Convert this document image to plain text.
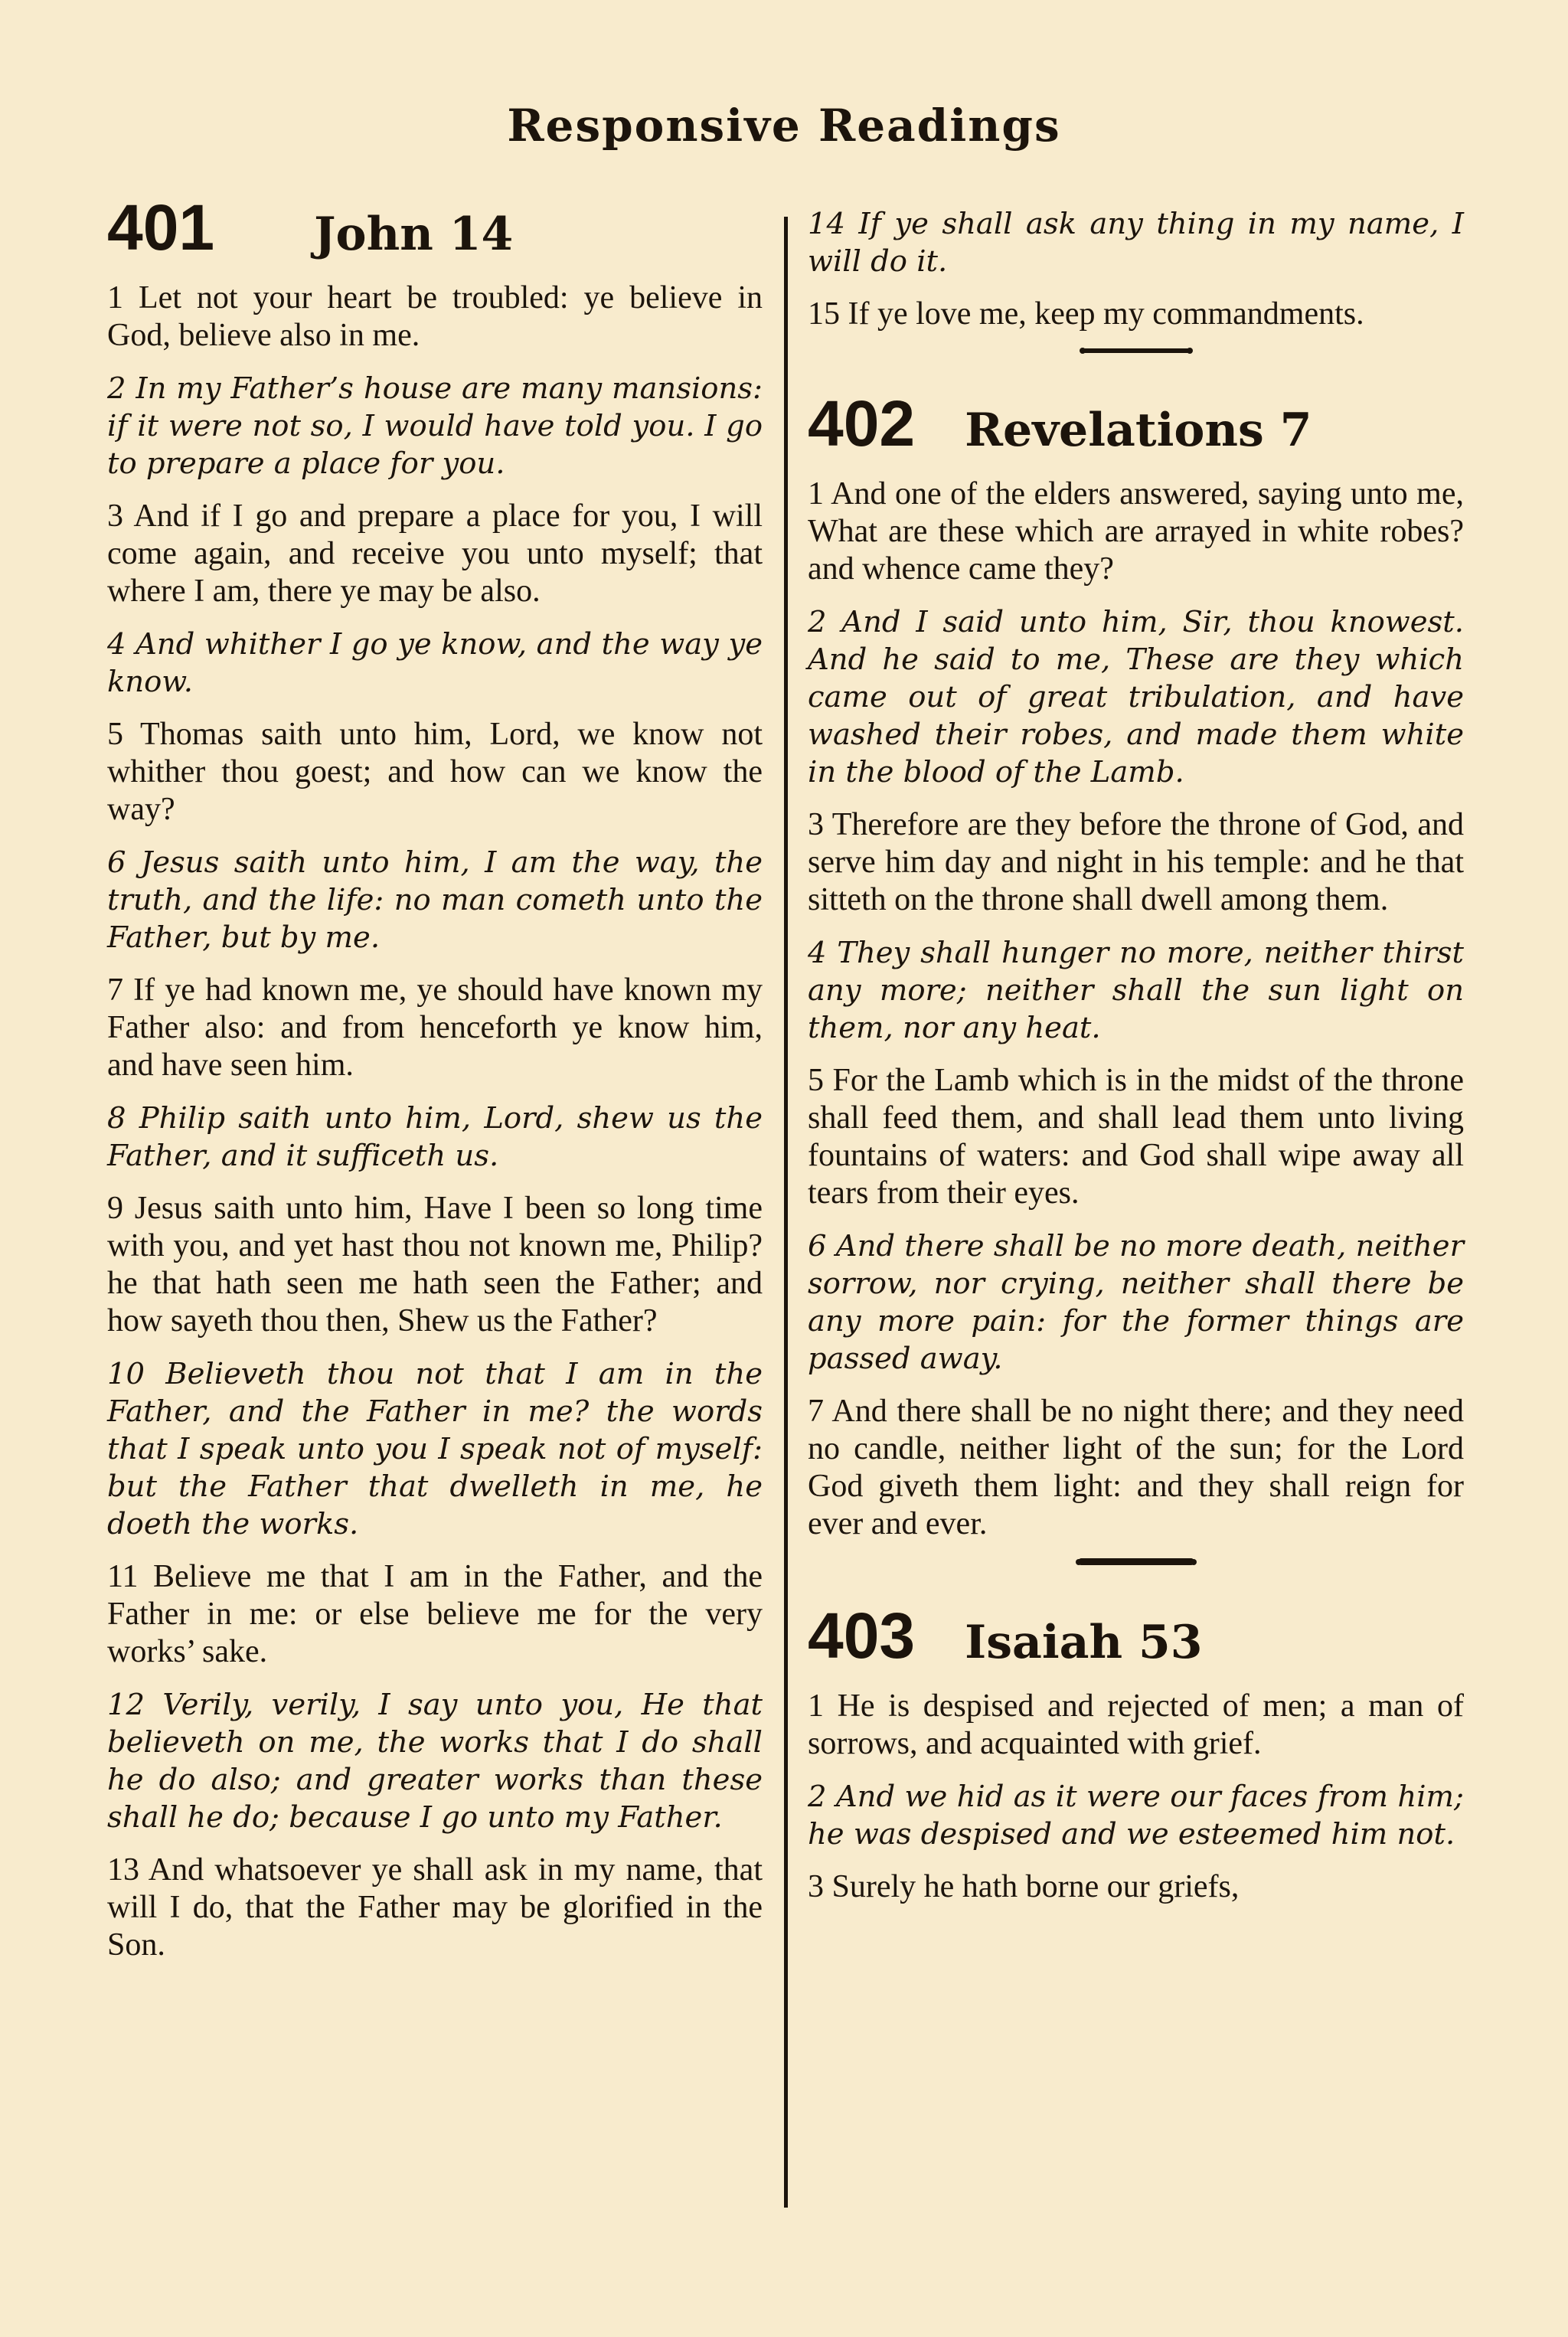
Responsive Readings
401 John 14

1 Let not your heart be troubled: ye believe in God, believe also in me.

2 In my Father’s house are many mansions: if it were not so, I would have told you. I go to prepare a place for you.

3 And if I go and prepare a place for you, I will come again, and receive you unto myself; that where I am, there ye may be also.

4 And whither I go ye know, and the way ye know.

5 Thomas saith unto him, Lord, we know not whither thou goest; and how can we know the way?

6 Jesus saith unto him, I am the way, the truth, and the life: no man cometh unto the Father, but by me.

7 If ye had known me, ye should have known my Father also: and from henceforth ye know him, and have seen him.

8 Philip saith unto him, Lord, shew us the Father, and it sufficeth us.

9 Jesus saith unto him, Have I been so long time with you, and yet hast thou not known me, Philip? he that hath seen me hath seen the Father; and how sayeth thou then, Shew us the Father?

10 Believeth thou not that I am in the Father, and the Father in me? the words that I speak unto you I speak not of myself: but the Father that dwelleth in me, he doeth the works.

11 Believe me that I am in the Father, and the Father in me: or else believe me for the very works’ sake.

12 Verily, verily, I say unto you, He that believeth on me, the works that I do shall he do also; and greater works than these shall he do; because I go unto my Father.

13 And whatsoever ye shall ask in my name, that will I do, that the Father may be glorified in the Son.

14 If ye shall ask any thing in my name, I will do it.

15 If ye love me, keep my commandments.

402 Revelations 7

1 And one of the elders answered, saying unto me, What are these which are arrayed in white robes? and whence came they?

2 And I said unto him, Sir, thou knowest. And he said to me, These are they which came out of great tribulation, and have washed their robes, and made them white in the blood of the Lamb.

3 Therefore are they before the throne of God, and serve him day and night in his temple: and he that sitteth on the throne shall dwell among them.

4 They shall hunger no more, neither thirst any more; neither shall the sun light on them, nor any heat.

5 For the Lamb which is in the midst of the throne shall feed them, and shall lead them unto living fountains of waters: and God shall wipe away all tears from their eyes.

6 And there shall be no more death, neither sorrow, nor crying, neither shall there be any more pain: for the former things are passed away.

7 And there shall be no night there; and they need no candle, neither light of the sun; for the Lord God giveth them light: and they shall reign for ever and ever.

403 Isaiah 53

1 He is despised and rejected of men; a man of sorrows, and acquainted with grief.

2 And we hid as it were our faces from him; he was despised and we esteemed him not.

3 Surely he hath borne our griefs,
